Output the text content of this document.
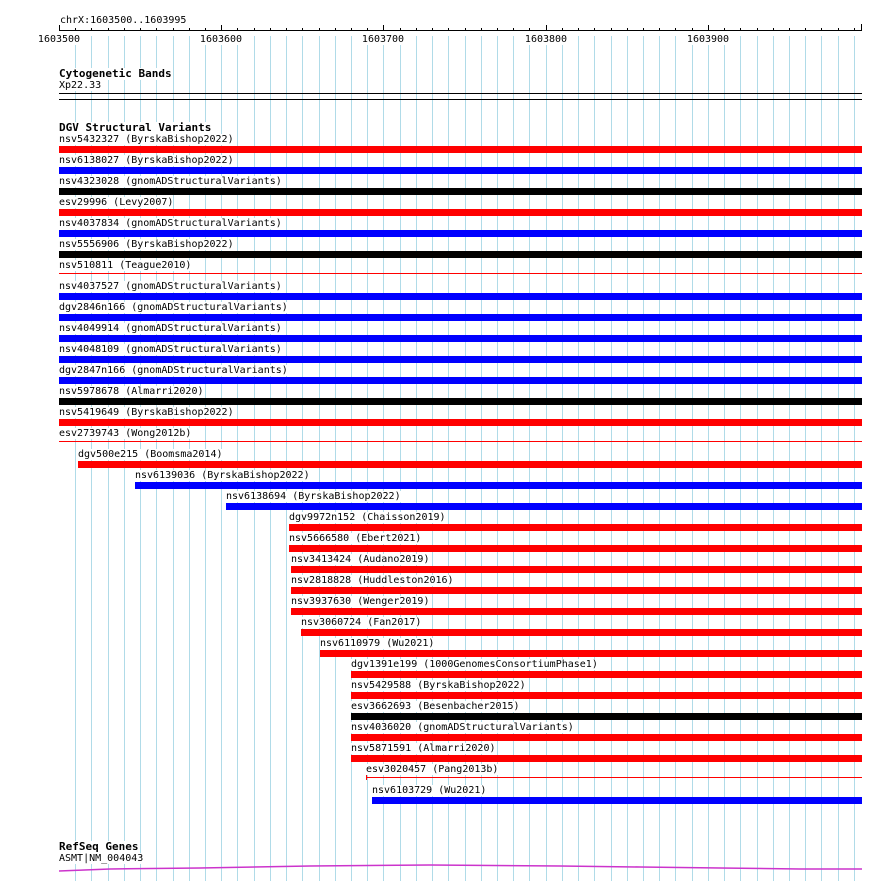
chrX:1603500..1603995
1603500	1603600	1603700	1603800	1603900
Cytogenetic Bands
Xp22.33
DGV Structural Variants
nsv5432327 (ByrskaBishop2022)
nsv6138027 (ByrskaBishop2022)
nsv4323028 (gnomADStructuralVariants)
esv29996 (Levy2007)
nsv4037834 (gnomADStructuralVariants)
nsv5556906 (ByrskaBishop2022)
nsv510811 (Teague2010)
nsv4037527 (gnomADStructuralVariants)
dgv2846n166 (gnomADStructuralVariants)
nsv4049914 (gnomADStructuralVariants)
nsv4048109 (gnomADStructuralVariants)
dgv2847n166 (gnomADStructuralVariants)
nsv5978678 (Almarri2020)
nsv5419649 (ByrskaBishop2022)
esv2739743 (Wong2012b)
dgv500e215 (Boomsma2014)
nsv6139036 (ByrskaBishop2022)
nsv6138694 (ByrskaBishop2022)
dgv9972n152 (Chaisson2019)
nsv5666580 (Ebert2021)
nsv3413424 (Audano2019)
nsv2818828 (Huddleston2016)
nsv3937630 (Wenger2019)
nsv3060724 (Fan2017)
nsv6110979 (Wu2021)
dgv1391e199 (1000GenomesConsortiumPhase1)
nsv5429588 (ByrskaBishop2022)
esv3662693 (Besenbacher2015)
nsv4036020 (gnomADStructuralVariants)
nsv5871591 (Almarri2020)
esv3020457 (Pang2013b)
nsv6103729 (Wu2021)
RefSeq Genes
ASMT|NM_004043
